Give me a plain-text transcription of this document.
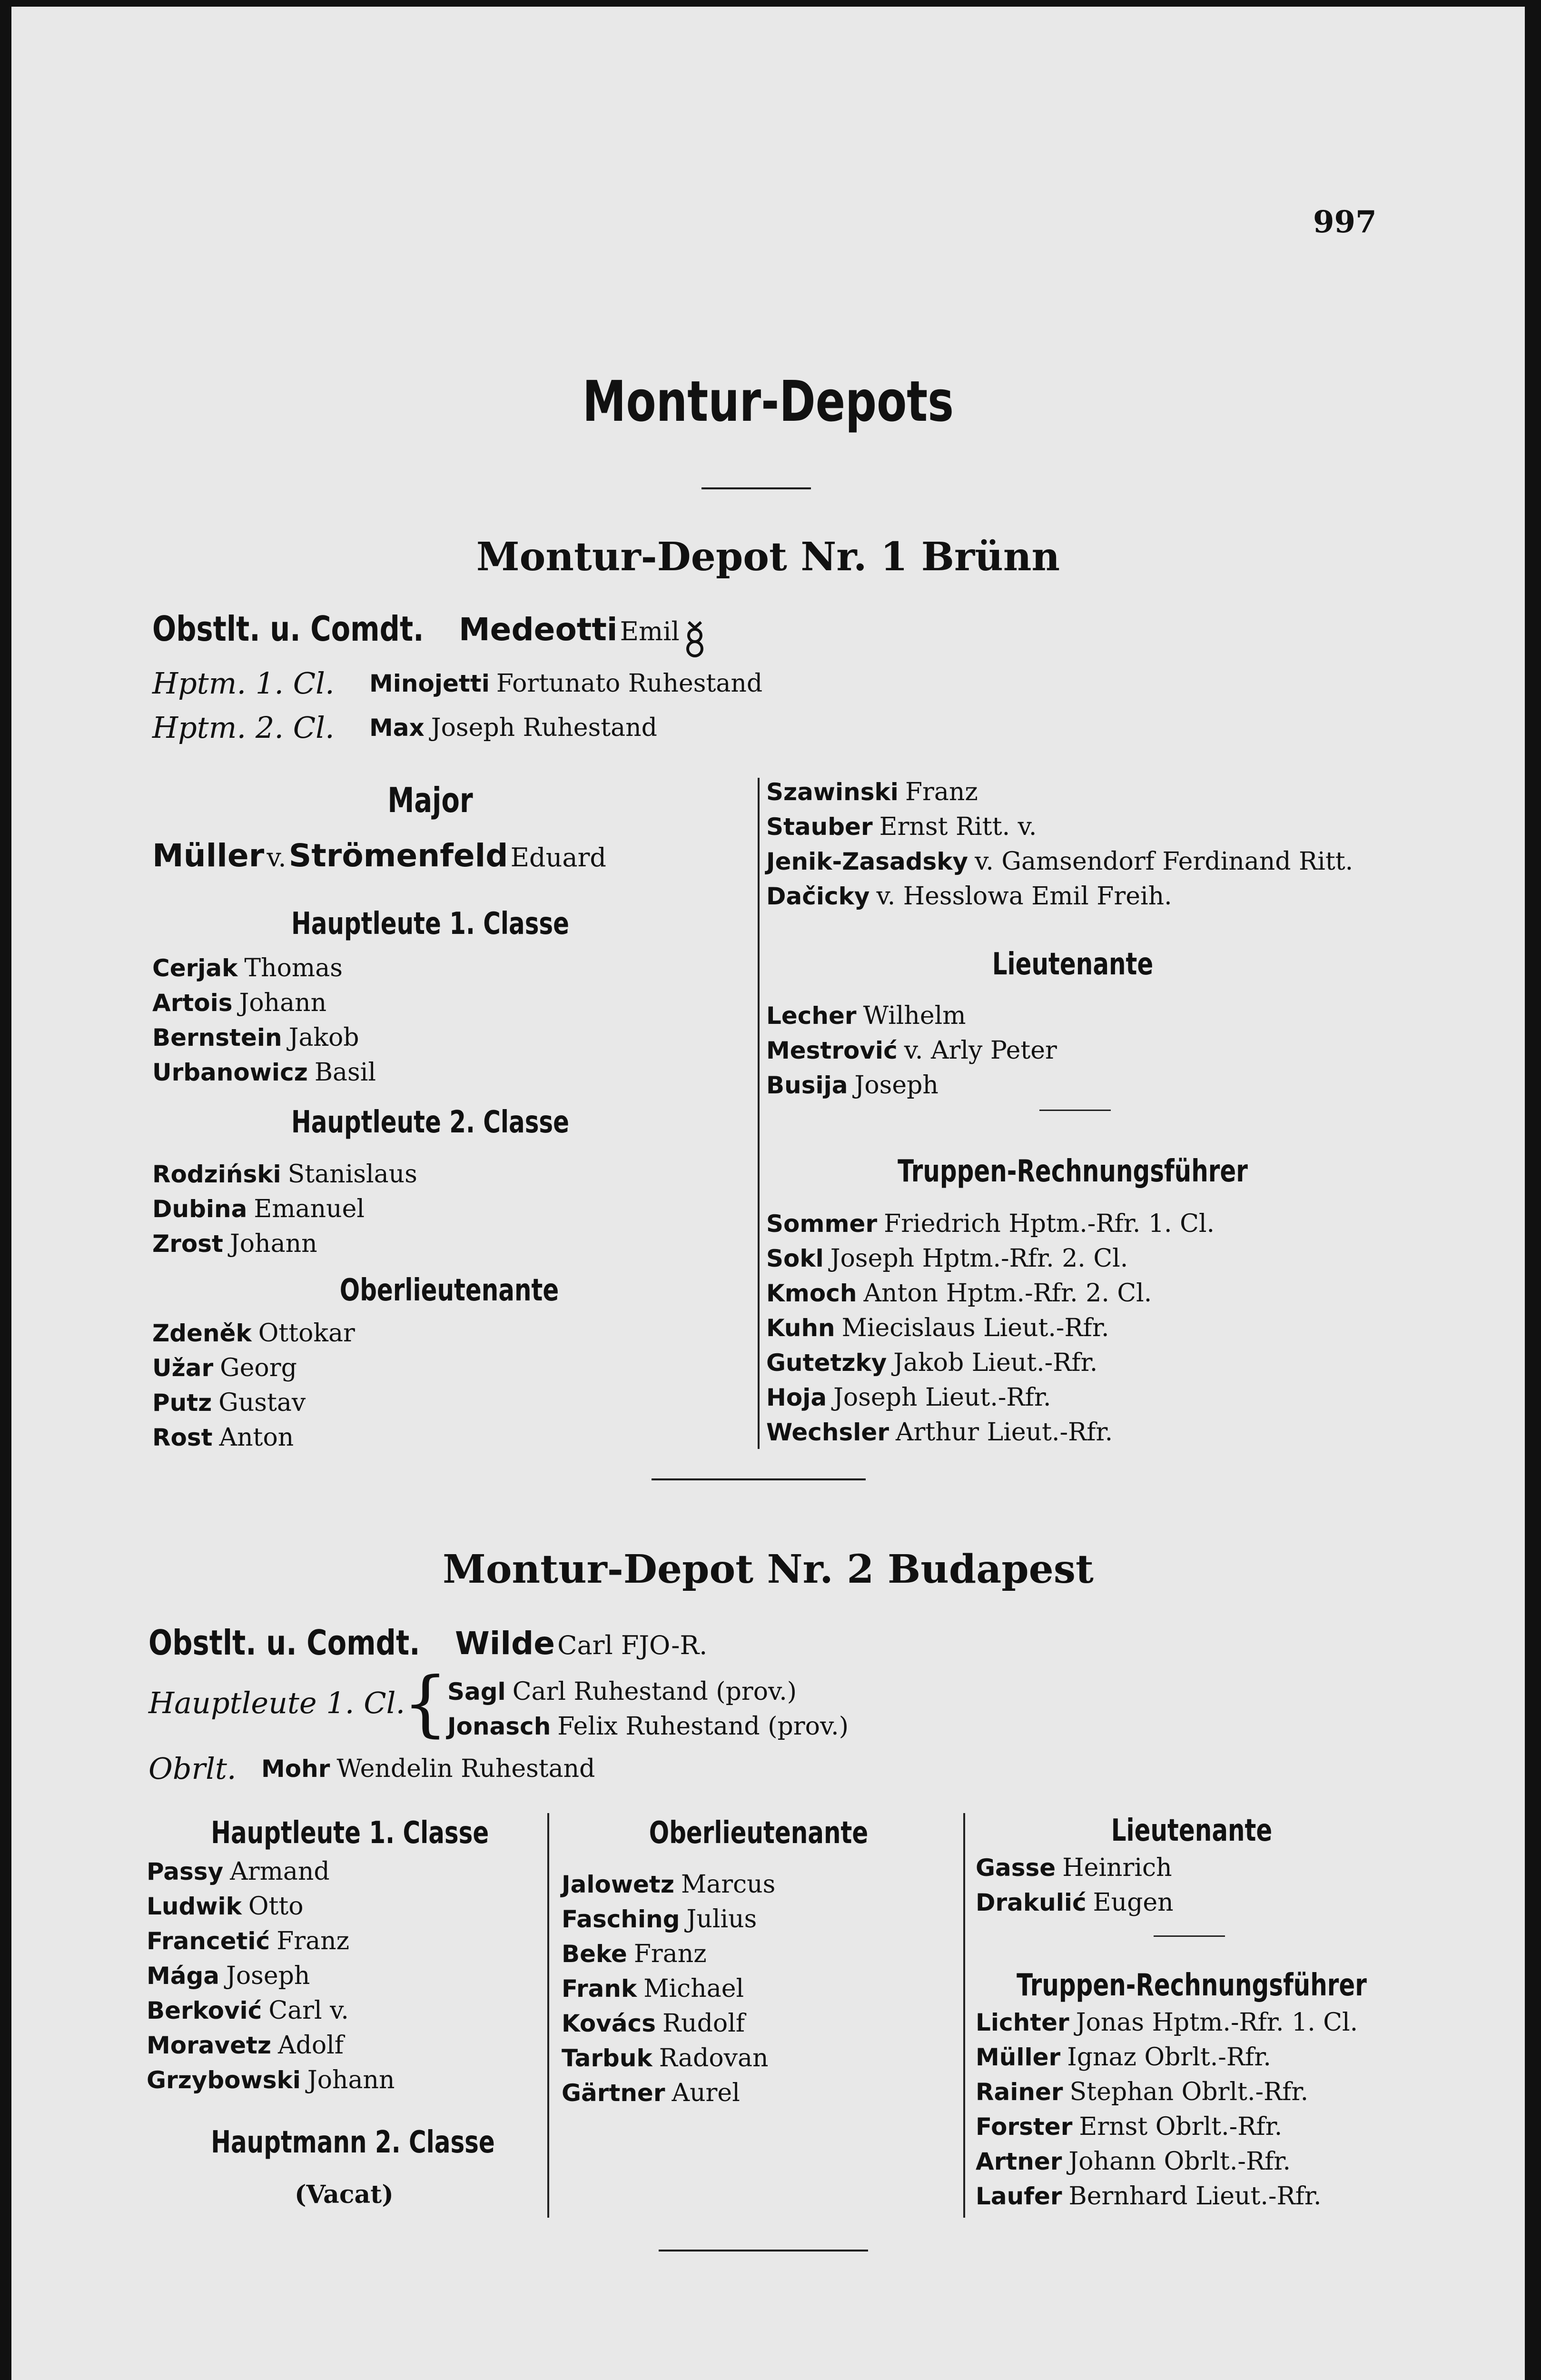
997
Montur-Depots
Montur-Depot Nr. 1 Brünn
Obstlt. u. Comdt.	Medeotti Emil
Hptm. 1. Cl. Minojetti Fortunato Ruhestand
Hptm. 2. Cl. Max Joseph Ruhestand
Major
Müller v. Strömenfeld Eduard
Hauptleute 1. Classe
Cerjak Thomas
Artois Johann
Bernstein Jakob
Urbanowicz Basil
Hauptleute 2. Classe
Rodziński Stanislaus
Dubina Emanuel
Zrost Johann
Oberlieutenante
Zdeněk Ottokar
Užar Georg
Putz Gustav
Rost Anton
Szawinski Franz
Stauber Ernst Ritt. v.
Jenik-Zasadsky v. Gamsendorf Ferdinand Ritt.
Dačicky v. Hesslowa Emil Freih.
Lieutenante
Lecher Wilhelm
Mestrović v. Arly Peter
Busija Joseph
Truppen-Rechnungsführer
Sommer Friedrich Hptm.-Rfr. 1. Cl.
Sokl Joseph Hptm.-Rfr. 2. Cl.
Kmoch Anton Hptm.-Rfr. 2. Cl.
Kuhn Miecislaus Lieut.-Rfr.
Gutetzky Jakob Lieut.-Rfr.
Hoja Joseph Lieut.-Rfr.
Wechsler Arthur Lieut.-Rfr.
Montur-Depot Nr. 2 Budapest
Obstlt. u. Comdt. Wilde Carl FJO-R.
Hauptleute 1. Cl.
{
Sagl Carl Ruhestand (prov.)
Jonasch Felix Ruhestand (prov.)
Obrlt. Mohr Wendelin Ruhestand
Hauptleute 1. Classe
Passy Armand
Ludwik Otto
Francetić Franz
Mága Joseph
Berković Carl v.
Moravetz Adolf
Grzybowski Johann
Hauptmann 2. Classe
(Vacat)
Oberlieutenante
Jalowetz Marcus
Fasching Julius
Beke Franz
Frank Michael
Kovács Rudolf
Tarbuk Radovan
Gärtner Aurel
Lieutenante
Gasse Heinrich
Drakulić Eugen
Truppen-Rechnungsführer
Lichter Jonas Hptm.-Rfr. 1. Cl.
Müller Ignaz Obrlt.-Rfr.
Rainer Stephan Obrlt.-Rfr.
Forster Ernst Obrlt.-Rfr.
Artner Johann Obrlt.-Rfr.
Laufer Bernhard Lieut.-Rfr.
